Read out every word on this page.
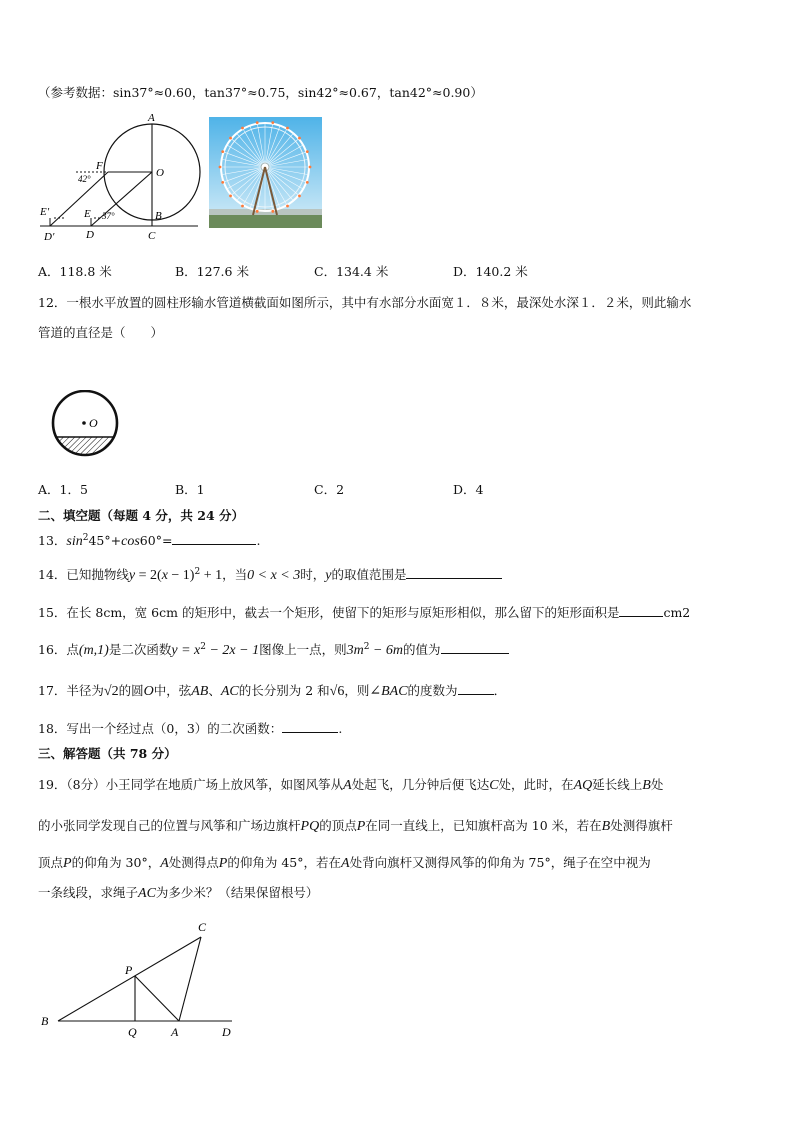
（参考数据：sin37°≈0.60，tan37°≈0.75，sin42°≈0.67，tan42°≈0.90）
A
O
F
B
C
E
D
E′
D′
42°
37°
A．118.8 米	B．127.6 米	C．134.4 米	D．140.2 米
12．一根水平放置的圆柱形输水管道横截面如图所示，其中有水部分水面宽１．８米，最深处水深１．２米，则此输水
管道的直径是（　　）
O
A．1．5	B．1	C．2	D．4
二、填空题（每题 4 分，共 24 分）
13．$\sin^245^\circ+\cos 60^\circ=$	.
14．已知抛物线$y = 2(x - 1)^2 + 1$，当0 < x < 3时，y的取值范围是
15．在长 8cm，宽 6cm 的矩形中，截去一个矩形，使留下的矩形与原矩形相似，那么留下的矩形面积是	cm2
16．点(m,1)是二次函数$y = x^2 - 2x - 1$图像上一点，则$3m^2 - 6m$的值为
17．半径为√2的圆O中，弦AB、AC的长分别为 2 和√6，则∠BAC的度数为	．
18．写出一个经过点（0，3）的二次函数：	.
三、解答题（共 78 分）
19．（8分）小王同学在地质广场上放风筝，如图风筝从A处起飞，几分钟后便飞达C处，此时，在AQ延长线上B处
的小张同学发现自己的位置与风筝和广场边旗杆PQ的顶点P在同一直线上，已知旗杆高为 10 米，若在B处测得旗杆
顶点P的仰角为 30°，A处测得点P的仰角为 45°，若在A处背向旗杆又测得风筝的仰角为 75°，绳子在空中视为
一条线段，求绳子AC为多少米？（结果保留根号）
C
P
B
Q	A	D
